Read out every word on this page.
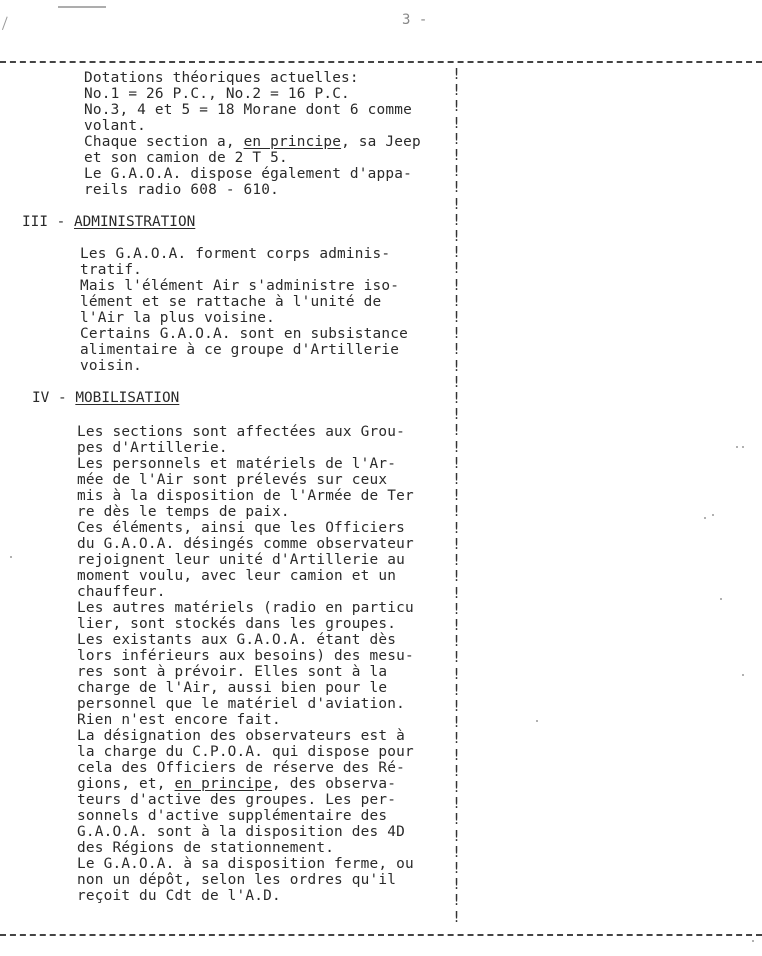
3 -
!
!
!
!
!
!
!
!
!
!
!
!
!
!
!
!
!
!
!
!
!
!
!
!
!
!
!
!
!
!
!
!
!
!
!
!
!
!
!
!
!
!
!
!
!
!
!
!
!
!
!
!
!
Dotations théoriques actuelles:
No.1 = 26 P.C., No.2 = 16 P.C.
No.3, 4 et 5 = 18 Morane dont 6 comme
volant.
Chaque section a, en principe, sa Jeep
et son camion de 2 T 5.
Le G.A.O.A. dispose également d'appa-
reils radio 608 - 610.
III - ADMINISTRATION
Les G.A.O.A. forment corps adminis-
tratif.
Mais l'élément Air s'administre iso-
lément et se rattache à l'unité de
l'Air la plus voisine.
Certains G.A.O.A. sont en subsistance
alimentaire à ce groupe d'Artillerie
voisin.
IV - MOBILISATION
Les sections sont affectées aux Grou-
pes d'Artillerie.
Les personnels et matériels de l'Ar-
mée de l'Air sont prélevés sur ceux
mis à la disposition de l'Armée de Ter
re dès le temps de paix.
Ces éléments, ainsi que les Officiers
du G.A.O.A. désingés comme observateur
rejoignent leur unité d'Artillerie au
moment voulu, avec leur camion et un
chauffeur.
Les autres matériels (radio en particu
lier, sont stockés dans les groupes.
Les existants aux G.A.O.A. étant dès
lors inférieurs aux besoins) des mesu-
res sont à prévoir. Elles sont à la
charge de l'Air, aussi bien pour le
personnel que le matériel d'aviation.
Rien n'est encore fait.
La désignation des observateurs est à
la charge du C.P.O.A. qui dispose pour
cela des Officiers de réserve des Ré-
gions, et, en principe, des observa-
teurs d'active des groupes. Les per-
sonnels d'active supplémentaire des
G.A.O.A. sont à la disposition des 4D
des Régions de stationnement.
Le G.A.O.A. à sa disposition ferme, ou
non un dépôt, selon les ordres qu'il
reçoit du Cdt de l'A.D.
